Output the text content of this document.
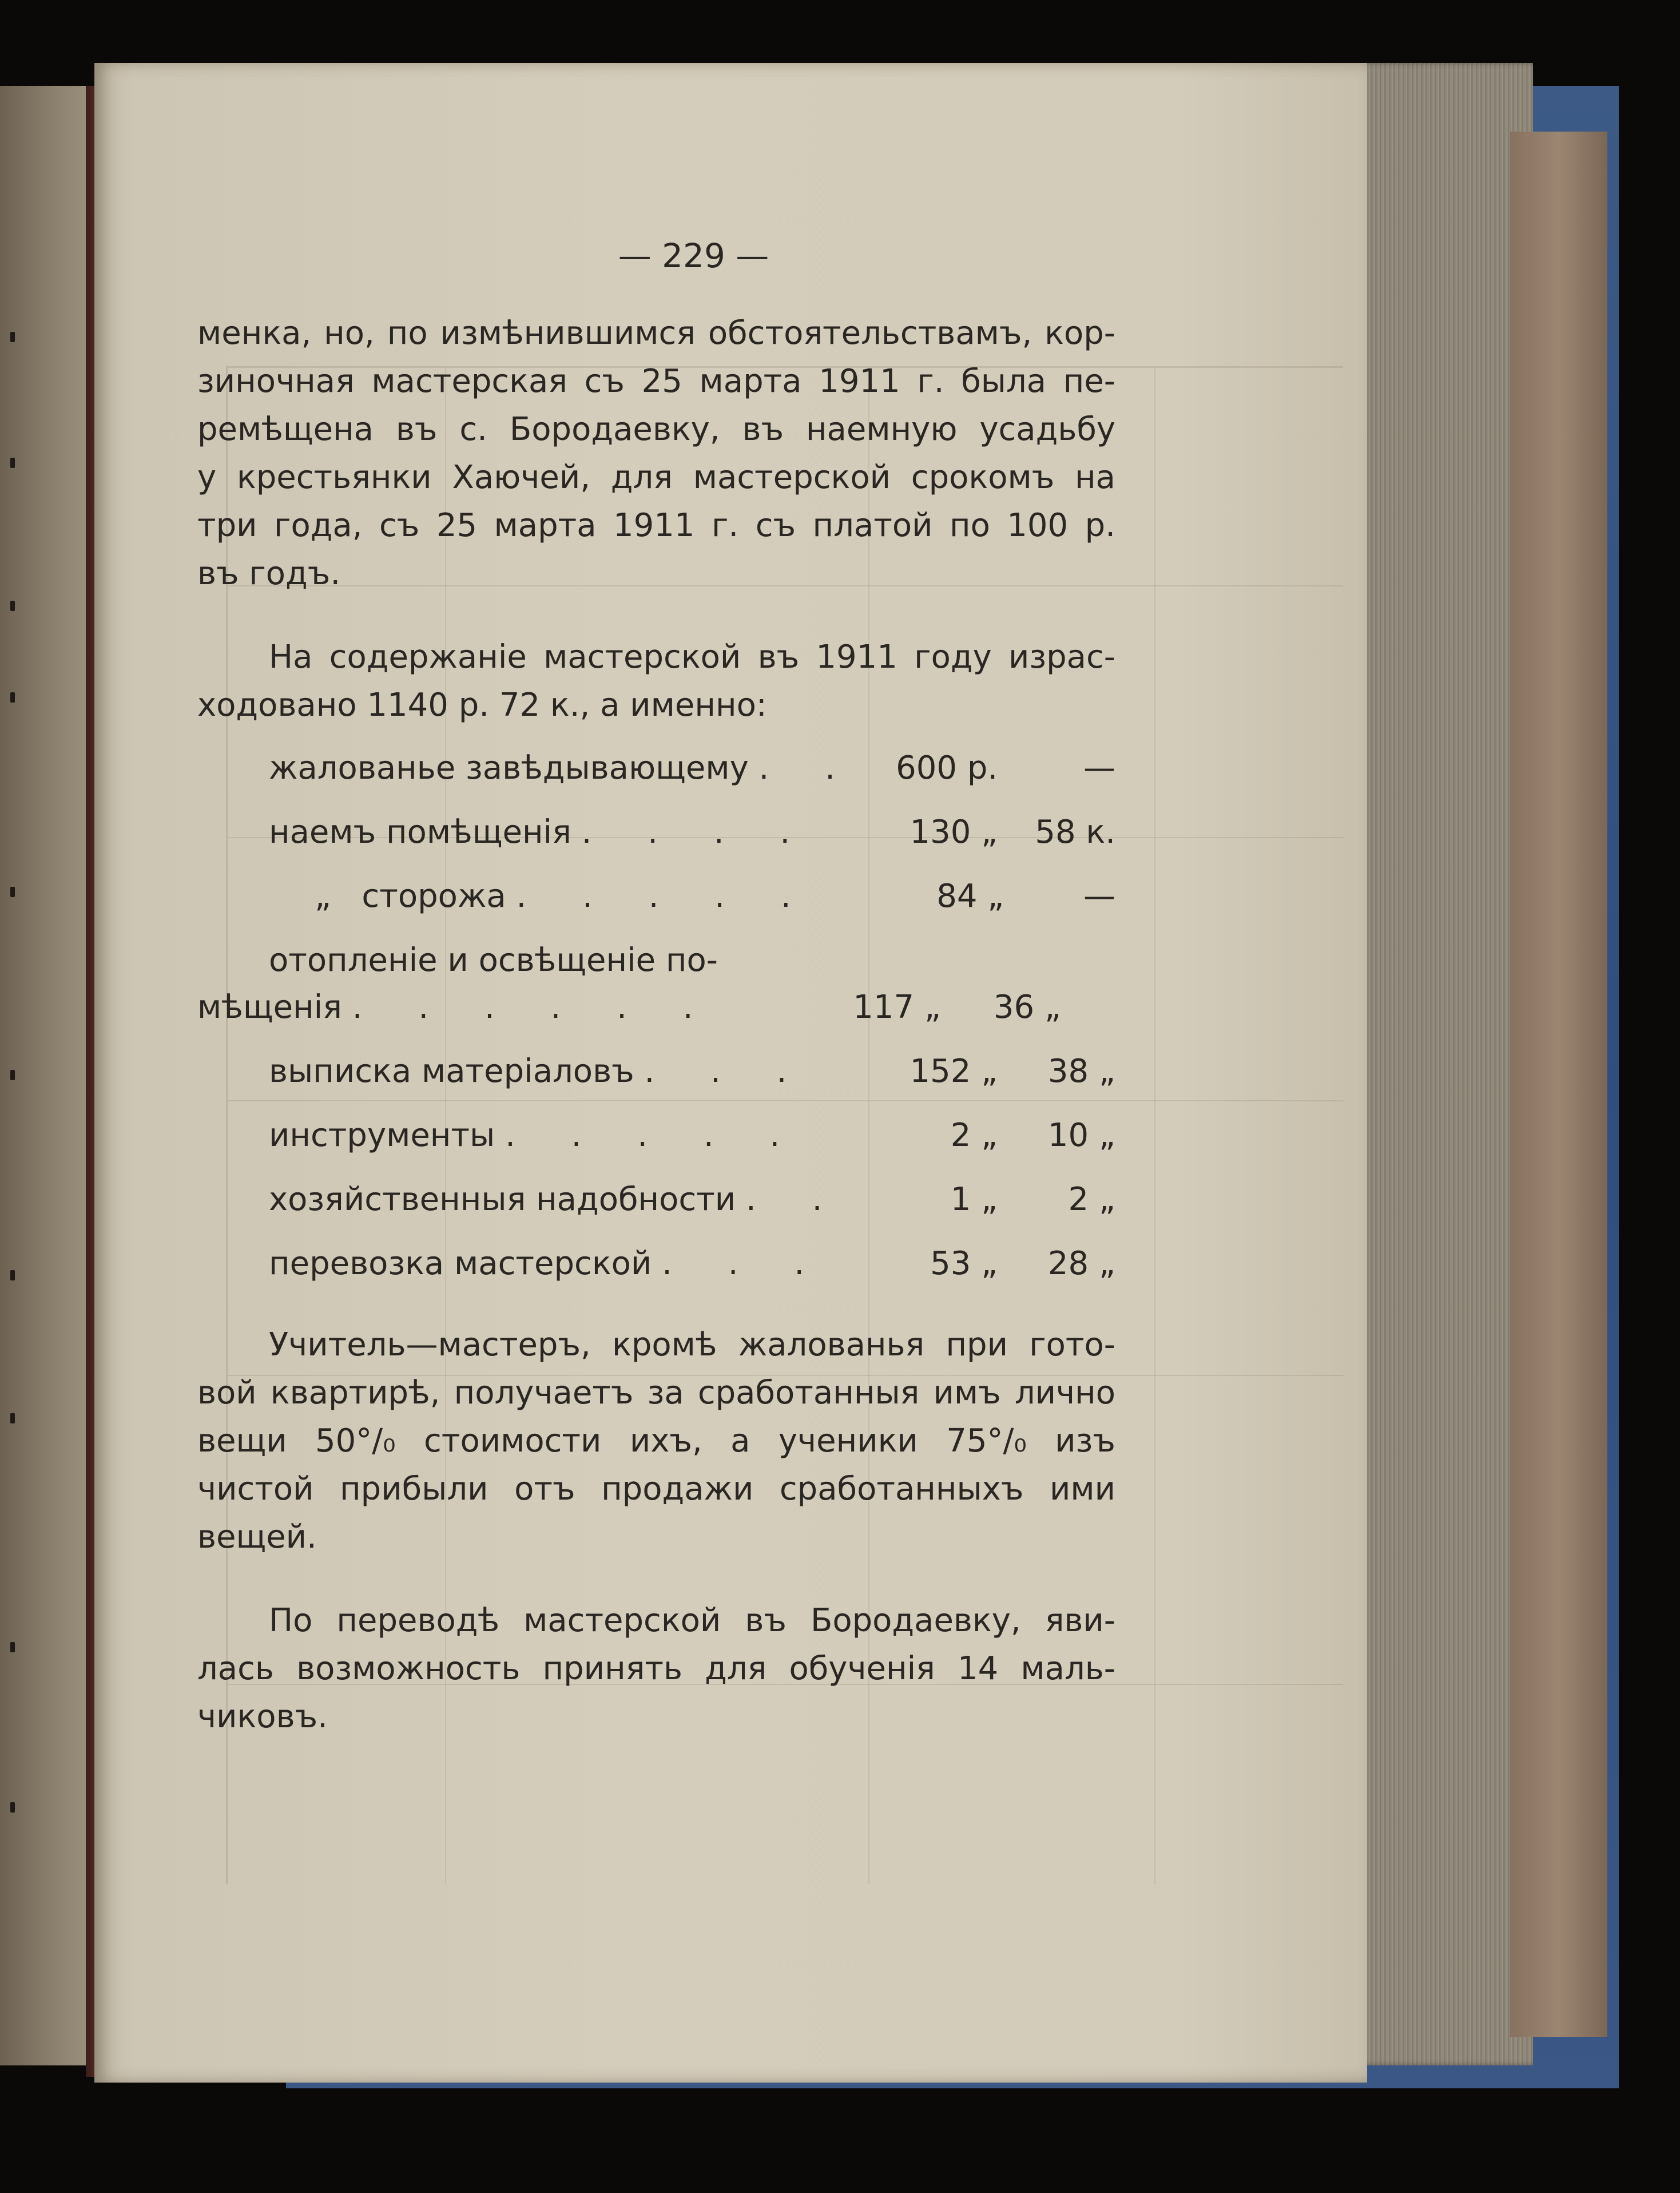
— 229 —
менка, но, по измѣнившимся обстоятельствамъ, кор-
зиночная мастерская съ 25 марта 1911 г. была пе-
ремѣщена въ с. Бородаевку, въ наемную усадьбу
у крестьянки Хаючей, для мастерской срокомъ на
три года, съ 25 марта 1911 г. съ платой по 100 р.
въ годъ.
На содержаніе мастерской въ 1911 году израс-
ходовано 1140 р. 72 к., а именно:
жалованье завѣдывающему . .	600 р.	—
наемъ помѣщенія . . . .	130 „	58 к.
„   сторожа . . . . .	84 „	—
отопленіе и освѣщеніе по-
мѣщенія . . . . . .	117 „	36 „
выписка матеріаловъ . . .	152 „	38 „
инструменты . . . . .	2 „	10 „
хозяйственныя надобности . .	1 „	2 „
перевозка мастерской . . .	53 „	28 „
Учитель—мастеръ, кромѣ жалованья при гото-
вой квартирѣ, получаетъ за сработанныя имъ лично
вещи 50°/₀ стоимости ихъ, а ученики 75°/₀ изъ
чистой прибыли отъ продажи сработанныхъ ими
вещей.
По переводѣ мастерской въ Бородаевку, яви-
лась возможность принять для обученія 14 маль-
чиковъ.
